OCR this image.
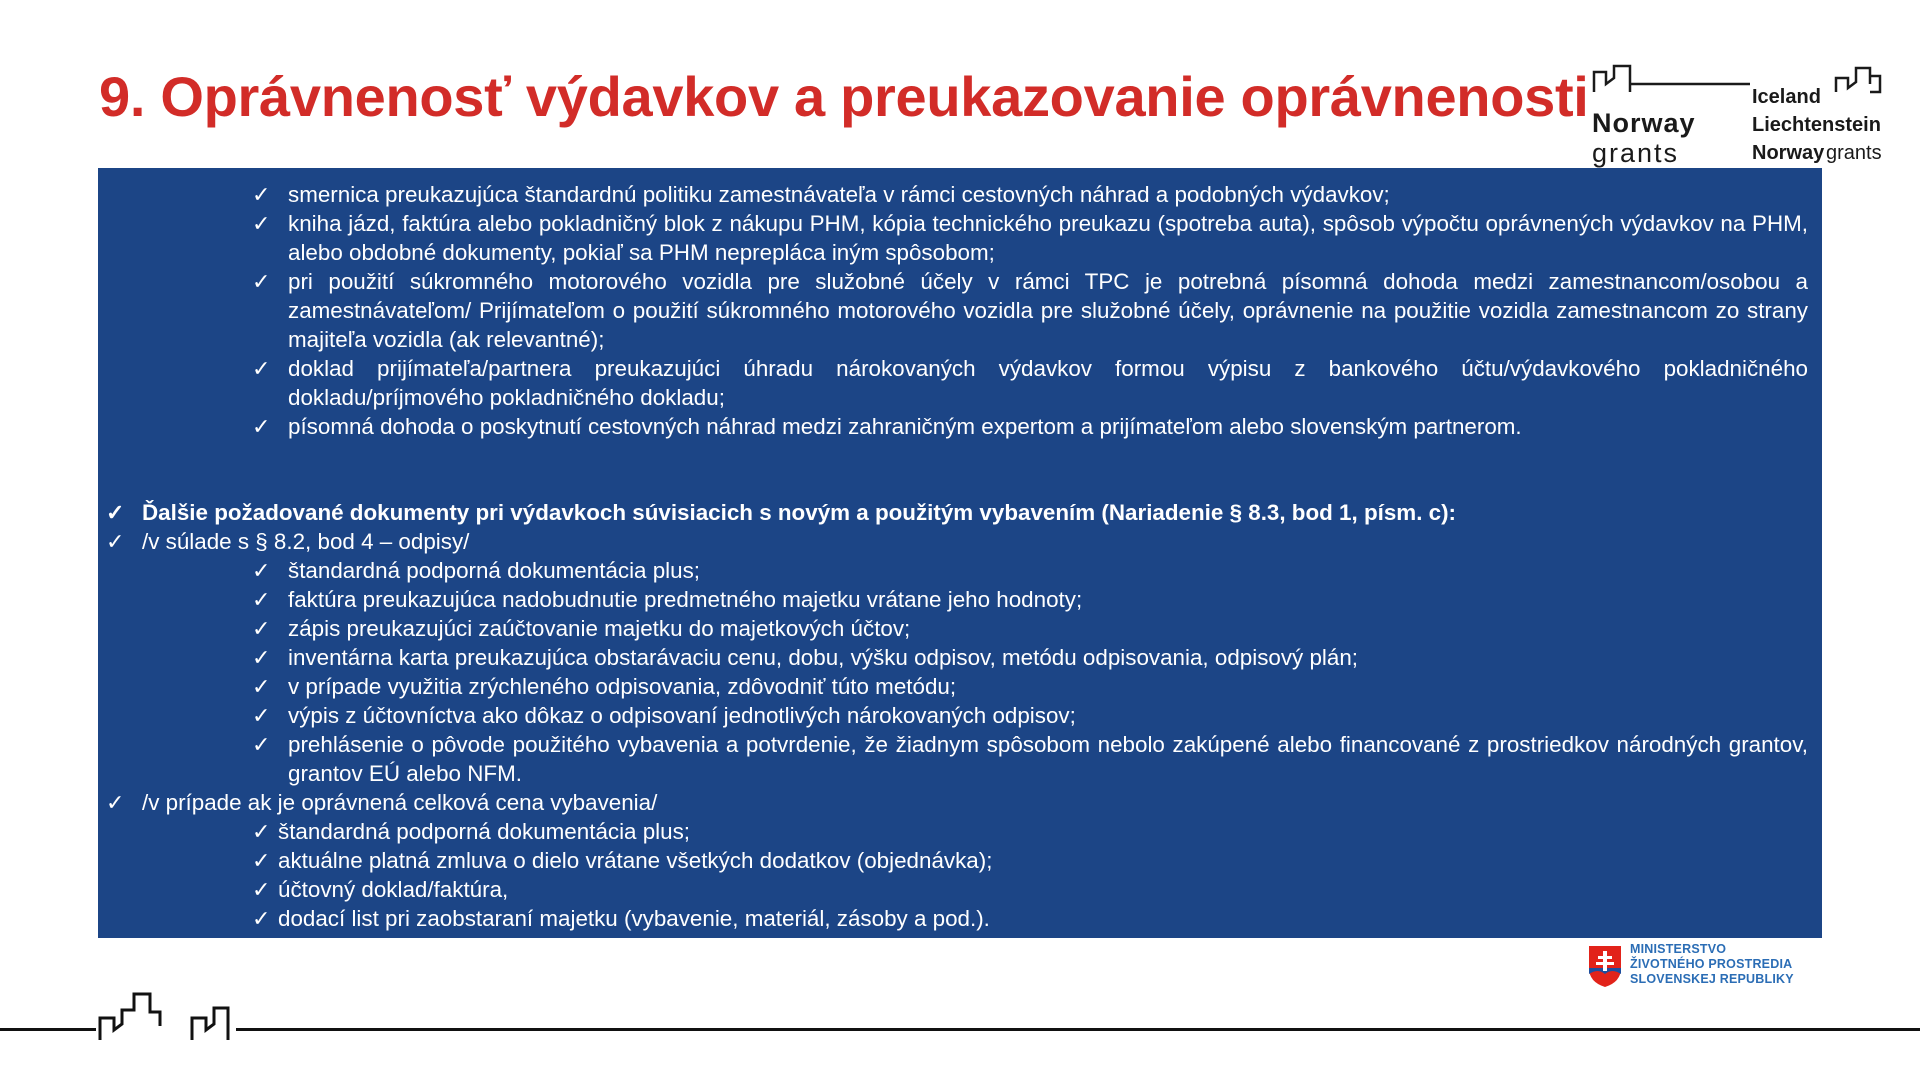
9. Oprávnenosť výdavkov a preukazovanie oprávnenosti Norway
grants
Iceland
Liechtenstein
Norway grants
✓ smernica preukazujúca štandardnú politiku zamestnávateľa v rámci cestovných náhrad a podobných výdavkov;
✓ kniha jázd, faktúra alebo pokladničný blok z nákupu PHM, kópia technického preukazu (spotreba auta), spôsob výpočtu oprávnených výdavkov na PHM, alebo obdobné dokumenty, pokiaľ sa PHM nepreplácа iným spôsobom;
✓ pri použití súkromného motorového vozidla pre služobné účely v rámci TPC je potrebná písomná dohoda medzi zamestnancom/osobou a zamestnávateľom/ Prijímateľom o použití súkromného motorového vozidla pre služobné účely, oprávnenie na použitie vozidla zamestnancom zo strany majiteľa vozidla (ak relevantné);
✓ doklad prijímateľa/partnera preukazujúci úhradu nárokovaných výdavkov formou výpisu z bankového účtu/výdavkového pokladničného dokladu/príjmového pokladničného dokladu;
✓ písomná dohoda o poskytnutí cestovných náhrad medzi zahraničným expertom a prijímateľom alebo slovenským partnerom.
✓ Ďalšie požadované dokumenty pri výdavkoch súvisiacich s novým a použitým vybavením (Nariadenie § 8.3, bod 1, písm. c):
✓ /v súlade s § 8.2, bod 4 – odpisy/
✓ štandardná podporná dokumentácia plus;
✓ faktúra preukazujúca nadobudnutie predmetného majetku vrátane jeho hodnoty;
✓ zápis preukazujúci zaúčtovanie majetku do majetkových účtov;
✓ inventárna karta preukazujúca obstarávaciu cenu, dobu, výšku odpisov, metódu odpisovania, odpisový plán;
✓ v prípade využitia zrýchleného odpisovania, zdôvodniť túto metódu;
✓ výpis z účtovníctva ako dôkaz o odpisovaní jednotlivých nárokovaných odpisov;
✓ prehlásenie o pôvode použitého vybavenia a potvrdenie, že žiadnym spôsobom nebolo zakúpené alebo financované z prostriedkov národných grantov, grantov EÚ alebo NFM.
✓ /v prípade ak je oprávnená celková cena vybavenia/
✓ štandardná podporná dokumentácia plus;
✓ aktuálne platná zmluva o dielo vrátane všetkých dodatkov (objednávka);
✓ účtovný doklad/faktúra,
✓ dodací list pri zaobstaraní majetku (vybavenie, materiál, zásoby a pod.).
MINISTERSTVO
ŽIVOTNÉHO PROSTREDIA
SLOVENSKEJ REPUBLIKY
